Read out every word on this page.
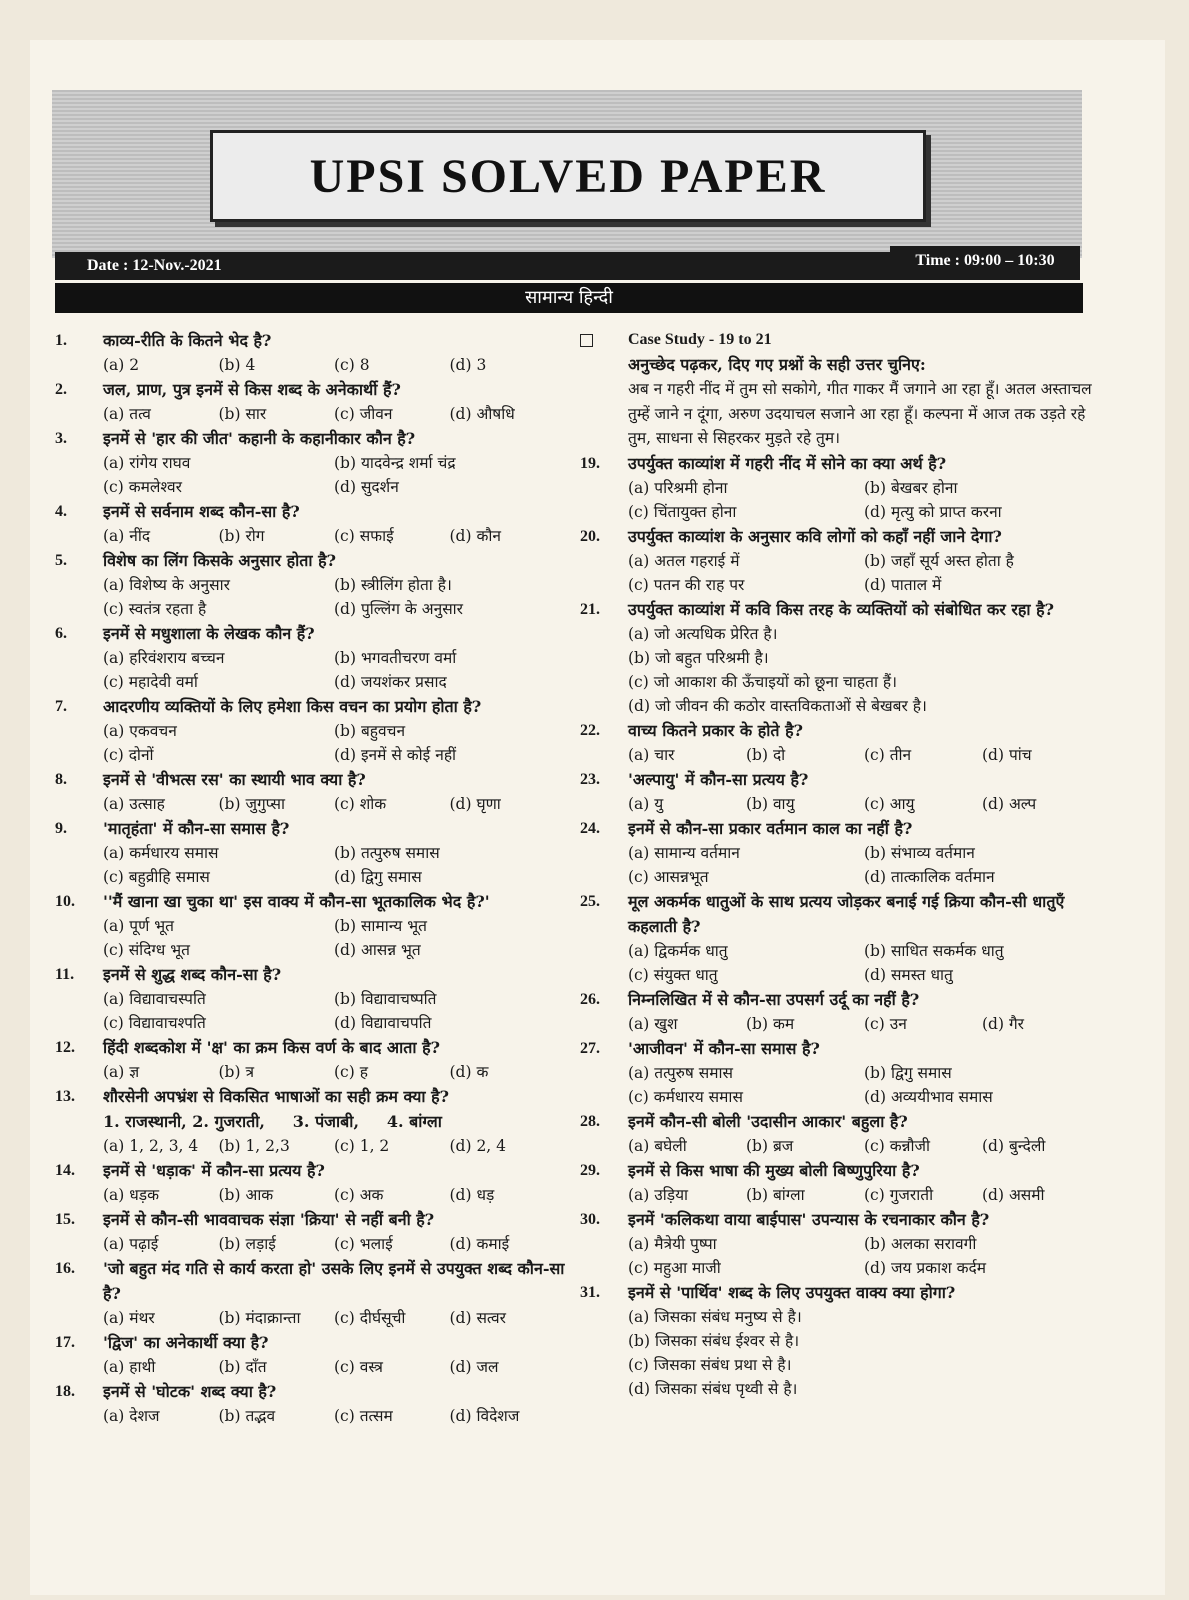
UPSI SOLVED PAPER
Date : 12-Nov.-2021	Time : 09:00 – 10:30
सामान्य हिन्दी
1. काव्य-रीति के कितने भेद है?
(a) 2	(b) 4	(c) 8	(d) 3
2. जल, प्राण, पुत्र इनमें से किस शब्द के अनेकार्थी हैं?
(a) तत्व	(b) सार	(c) जीवन	(d) औषधि
3. इनमें से 'हार की जीत' कहानी के कहानीकार कौन है?
(a) रांगेय राघव	(b) यादवेन्द्र शर्मा चंद्र
(c) कमलेश्वर	(d) सुदर्शन
4. इनमें से सर्वनाम शब्द कौन-सा है?
(a) नींद	(b) रोग	(c) सफाई	(d) कौन
5. विशेष का लिंग किसके अनुसार होता है?
(a) विशेष्य के अनुसार	(b) स्त्रीलिंग होता है।
(c) स्वतंत्र रहता है	(d) पुल्लिंग के अनुसार
6. इनमें से मधुशाला के लेखक कौन हैं?
(a) हरिवंशराय बच्चन	(b) भगवतीचरण वर्मा
(c) महादेवी वर्मा	(d) जयशंकर प्रसाद
7. आदरणीय व्यक्तियों के लिए हमेशा किस वचन का प्रयोग होता है?
(a) एकवचन	(b) बहुवचन
(c) दोनों	(d) इनमें से कोई नहीं
8. इनमें से 'वीभत्स रस' का स्थायी भाव क्या है?
(a) उत्साह	(b) जुगुप्सा	(c) शोक	(d) घृणा
9. 'मातृहंता' में कौन-सा समास है?
(a) कर्मधारय समास	(b) तत्पुरुष समास
(c) बहुव्रीहि समास	(d) द्विगु समास
10. ''मैं खाना खा चुका था' इस वाक्य में कौन-सा भूतकालिक भेद है?'
(a) पूर्ण भूत	(b) सामान्य भूत
(c) संदिग्ध भूत	(d) आसन्न भूत
11. इनमें से शुद्ध शब्द कौन-सा है?
(a) विद्यावाचस्पति	(b) विद्यावाचष्पति
(c) विद्यावाचश्पति	(d) विद्यावाचपति
12. हिंदी शब्दकोश में 'क्ष' का क्रम किस वर्ण के बाद आता है?
(a) ज्ञ	(b) त्र	(c) ह	(d) क
13. शौरसेनी अपभ्रंश से विकसित भाषाओं का सही क्रम क्या है?
1. राजस्थानी, 2. गुजराती,     3. पंजाबी,     4. बांग्ला
(a) 1, 2, 3, 4	(b) 1, 2,3	(c) 1, 2	(d) 2, 4
14. इनमें से 'धड़ाक' में कौन-सा प्रत्यय है?
(a) धड़क	(b) आक	(c) अक	(d) धड़
15. इनमें से कौन-सी भाववाचक संज्ञा 'क्रिया' से नहीं बनी है?
(a) पढ़ाई	(b) लड़ाई	(c) भलाई	(d) कमाई
16. 'जो बहुत मंद गति से कार्य करता हो' उसके लिए इनमें से उपयुक्त शब्द कौन-सा है?
(a) मंथर	(b) मंदाक्रान्ता	(c) दीर्घसूची	(d) सत्वर
17. 'द्विज' का अनेकार्थी क्या है?
(a) हाथी	(b) दाँत	(c) वस्त्र	(d) जल
18. इनमें से 'घोटक' शब्द क्या है?
(a) देशज	(b) तद्भव	(c) तत्सम	(d) विदेशज
Case Study - 19 to 21
अनुच्छेद पढ़कर, दिए गए प्रश्नों के सही उत्तर चुनिए:
अब न गहरी नींद में तुम सो सकोगे, गीत गाकर मैं जगाने आ रहा हूँ। अतल अस्ताचल तुम्हें जाने न दूंगा, अरुण उदयाचल सजाने आ रहा हूँ। कल्पना में आज तक उड़ते रहे तुम, साधना से सिहरकर मुड़ते रहे तुम।
19. उपर्युक्त काव्यांश में गहरी नींद में सोने का क्या अर्थ है?
(a) परिश्रमी होना	(b) बेखबर होना
(c) चिंतायुक्त होना	(d) मृत्यु को प्राप्त करना
20. उपर्युक्त काव्यांश के अनुसार कवि लोगों को कहाँ नहीं जाने देगा?
(a) अतल गहराई में	(b) जहाँ सूर्य अस्त होता है
(c) पतन की राह पर	(d) पाताल में
21. उपर्युक्त काव्यांश में कवि किस तरह के व्यक्तियों को संबोधित कर रहा है?
(a) जो अत्यधिक प्रेरित है।
(b) जो बहुत परिश्रमी है।
(c) जो आकाश की ऊँचाइयों को छूना चाहता हैं।
(d) जो जीवन की कठोर वास्तविकताओं से बेखबर है।
22. वाच्य कितने प्रकार के होते है?
(a) चार	(b) दो	(c) तीन	(d) पांच
23. 'अल्पायु' में कौन-सा प्रत्यय है?
(a) यु	(b) वायु	(c) आयु	(d) अल्प
24. इनमें से कौन-सा प्रकार वर्तमान काल का नहीं है?
(a) सामान्य वर्तमान	(b) संभाव्य वर्तमान
(c) आसन्नभूत	(d) तात्कालिक वर्तमान
25. मूल अकर्मक धातुओं के साथ प्रत्यय जोड़कर बनाई गई क्रिया कौन-सी धातुएँ कहलाती है?
(a) द्विकर्मक धातु	(b) साधित सकर्मक धातु
(c) संयुक्त धातु	(d) समस्त धातु
26. निम्नलिखित में से कौन-सा उपसर्ग उर्दू का नहीं है?
(a) खुश	(b) कम	(c) उन	(d) गैर
27. 'आजीवन' में कौन-सा समास है?
(a) तत्पुरुष समास	(b) द्विगु समास
(c) कर्मधारय समास	(d) अव्ययीभाव समास
28. इनमें कौन-सी बोली 'उदासीन आकार' बहुला है?
(a) बघेली	(b) ब्रज	(c) कन्नौजी	(d) बुन्देली
29. इनमें से किस भाषा की मुख्य बोली बिष्णुपुरिया है?
(a) उड़िया	(b) बांग्ला	(c) गुजराती	(d) असमी
30. इनमें 'कलिकथा वाया बाईपास' उपन्यास के रचनाकार कौन है?
(a) मैत्रेयी पुष्पा	(b) अलका सरावगी
(c) महुआ माजी	(d) जय प्रकाश कर्दम
31. इनमें से 'पार्थिव' शब्द के लिए उपयुक्त वाक्य क्या होगा?
(a) जिसका संबंध मनुष्य से है।
(b) जिसका संबंध ईश्वर से है।
(c) जिसका संबंध प्रथा से है।
(d) जिसका संबंध पृथ्वी से है।
